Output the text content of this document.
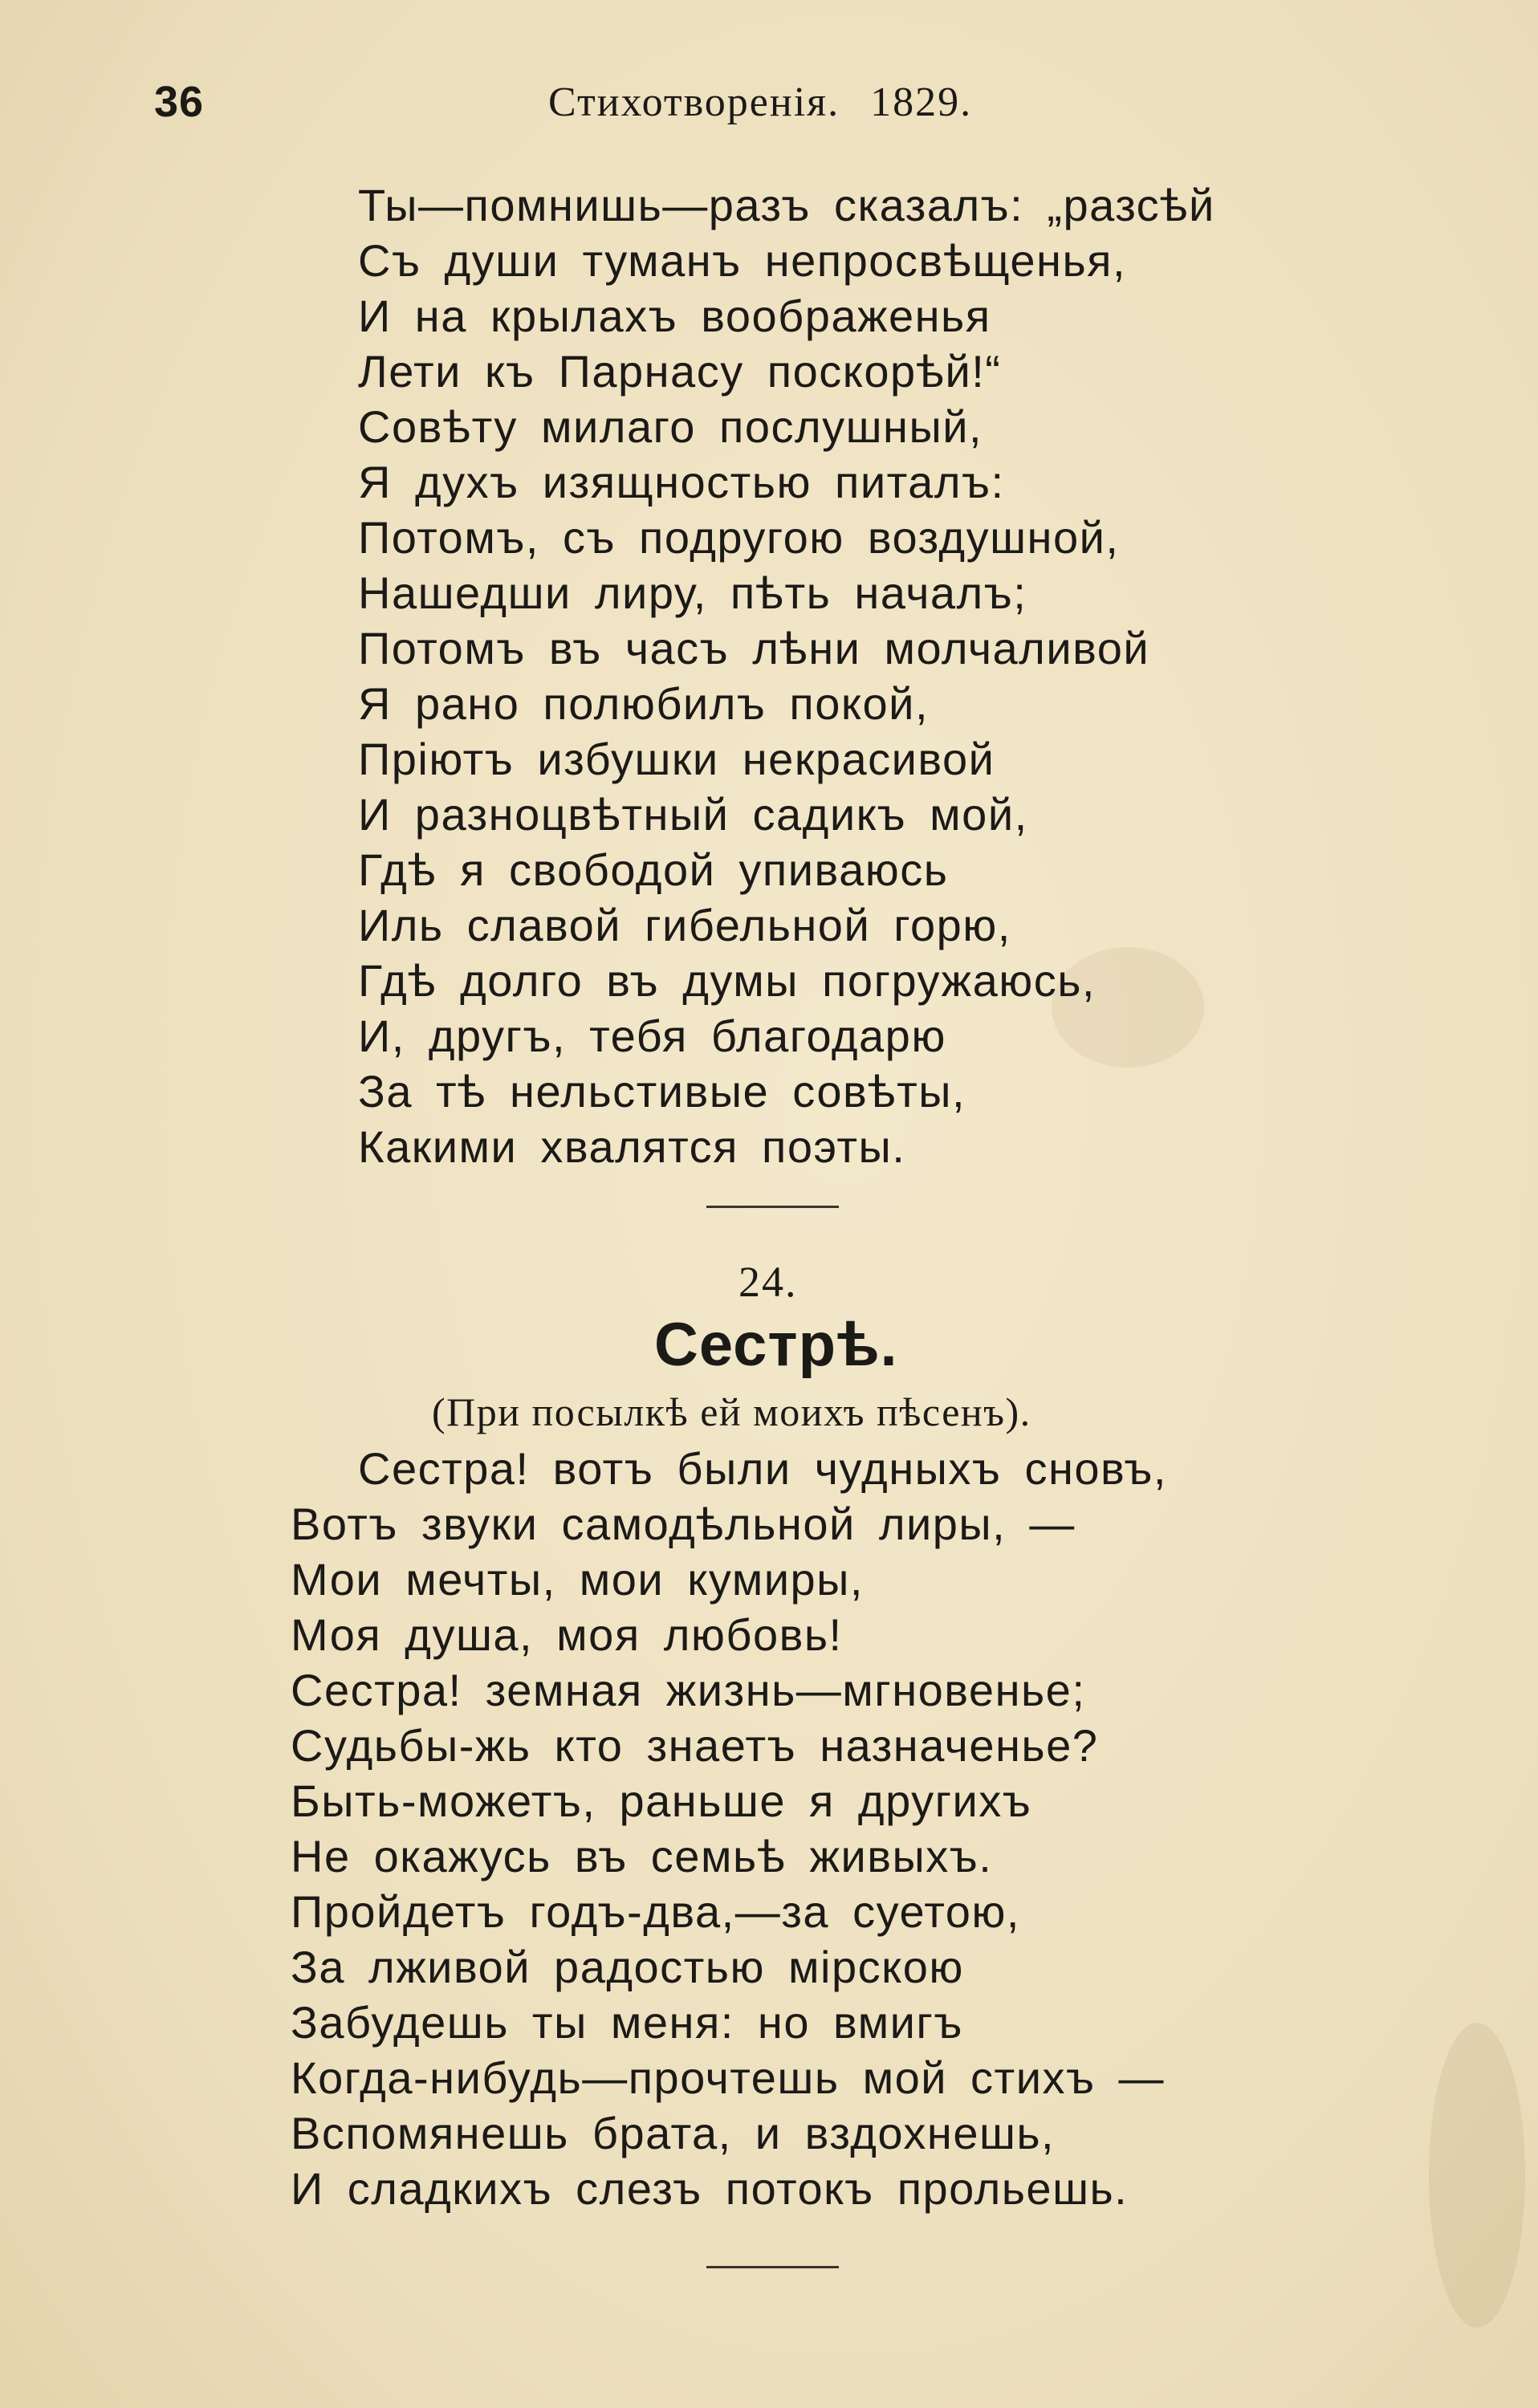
36	Стихотворенія. 1829.
Ты—помнишь—разъ сказалъ: „разсѣй
Съ души туманъ непросвѣщенья,
И на крылахъ воображенья
Лети къ Парнасу поскорѣй!“
Совѣту милаго послушный,
Я духъ изящностью питалъ:
Потомъ, съ подругою воздушной,
Нашедши лиру, пѣть началъ;
Потомъ въ часъ лѣни молчаливой
Я рано полюбилъ покой,
Пріютъ избушки некрасивой
И разноцвѣтный садикъ мой,
Гдѣ я свободой упиваюсь
Иль славой гибельной горю,
Гдѣ долго въ думы погружаюсь,
И, другъ, тебя благодарю
За тѣ нельстивые совѣты,
Какими хвалятся поэты.
24.
Сестрѣ.
(При посылкѣ ей моихъ пѣсенъ).
Сестра! вотъ были чудныхъ сновъ,
Вотъ звуки самодѣльной лиры, —
Мои мечты, мои кумиры,
Моя душа, моя любовь!
Сестра! земная жизнь—мгновенье;
Судьбы-жь кто знаетъ назначенье?
Быть-можетъ, раньше я другихъ
Не окажусь въ семьѣ живыхъ.
Пройдетъ годъ-два,—за суетою,
За лживой радостью мірскою
Забудешь ты меня: но вмигъ
Когда-нибудь—прочтешь мой стихъ —
Вспомянешь брата, и вздохнешь,
И сладкихъ слезъ потокъ прольешь.
